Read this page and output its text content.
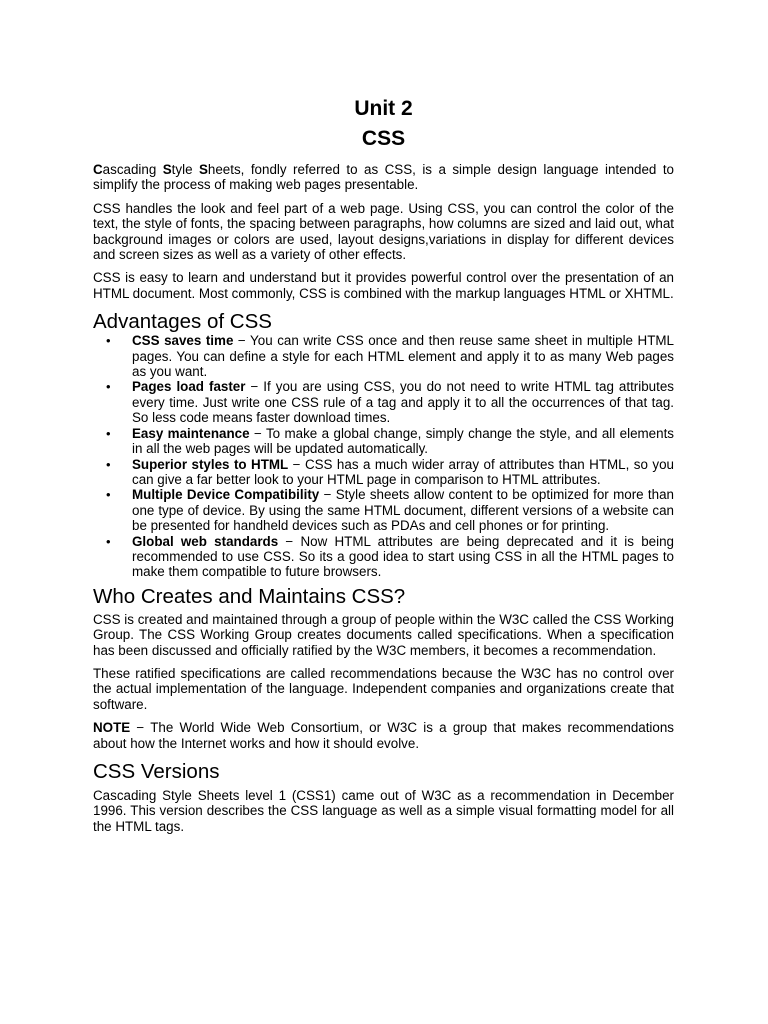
Unit 2
CSS

Cascading Style Sheets, fondly referred to as CSS, is a simple design language intended to simplify the process of making web pages presentable.

CSS handles the look and feel part of a web page. Using CSS, you can control the color of the text, the style of fonts, the spacing between paragraphs, how columns are sized and laid out, what background images or colors are used, layout designs,variations in display for different devices and screen sizes as well as a variety of other effects.

CSS is easy to learn and understand but it provides powerful control over the presentation of an HTML document. Most commonly, CSS is combined with the markup languages HTML or XHTML.

Advantages of CSS
• CSS saves time − You can write CSS once and then reuse same sheet in multiple HTML pages. You can define a style for each HTML element and apply it to as many Web pages as you want.
• Pages load faster − If you are using CSS, you do not need to write HTML tag attributes every time. Just write one CSS rule of a tag and apply it to all the occurrences of that tag. So less code means faster download times.
• Easy maintenance − To make a global change, simply change the style, and all elements in all the web pages will be updated automatically.
• Superior styles to HTML − CSS has a much wider array of attributes than HTML, so you can give a far better look to your HTML page in comparison to HTML attributes.
• Multiple Device Compatibility − Style sheets allow content to be optimized for more than one type of device. By using the same HTML document, different versions of a website can be presented for handheld devices such as PDAs and cell phones or for printing.
• Global web standards − Now HTML attributes are being deprecated and it is being recommended to use CSS. So its a good idea to start using CSS in all the HTML pages to make them compatible to future browsers.
Who Creates and Maintains CSS?

CSS is created and maintained through a group of people within the W3C called the CSS Working Group. The CSS Working Group creates documents called specifications. When a specification has been discussed and officially ratified by the W3C members, it becomes a recommendation.

These ratified specifications are called recommendations because the W3C has no control over the actual implementation of the language. Independent companies and organizations create that software.

NOTE − The World Wide Web Consortium, or W3C is a group that makes recommendations about how the Internet works and how it should evolve.

CSS Versions

Cascading Style Sheets level 1 (CSS1) came out of W3C as a recommendation in December 1996. This version describes the CSS language as well as a simple visual formatting model for all the HTML tags.
